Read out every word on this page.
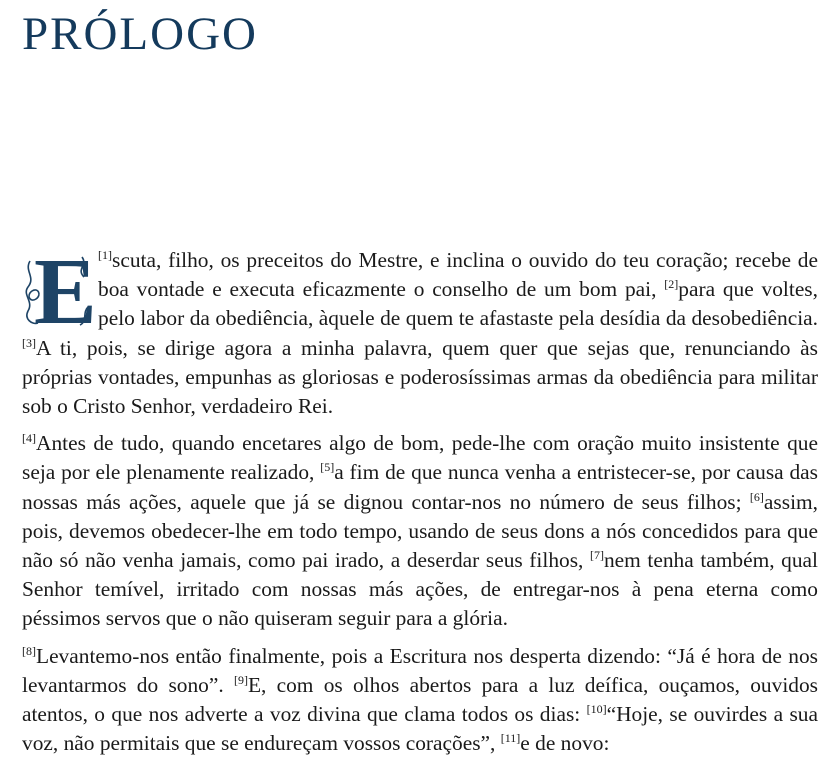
PRÓLOGO

[1]
E scuta, filho, os preceitos do Mestre, e inclina o ouvido do teu coração; recebe de boa vontade e executa eficazmente o conselho de um bom pai, [2]para que voltes, pelo labor da obediência, àquele de quem te afastaste pela desídia da desobediência. [3]A ti, pois, se dirige agora a minha palavra, quem quer que sejas que, renunciando às próprias vontades, empunhas as gloriosas e poderosíssimas armas da obediência para militar sob o Cristo Senhor, verdadeiro Rei.

[4]Antes de tudo, quando encetares algo de bom, pede-lhe com oração muito insistente que seja por ele plenamente realizado, [5]a fim de que nunca venha a entristecer-se, por causa das nossas más ações, aquele que já se dignou contar-nos no número de seus filhos; [6]assim, pois, devemos obedecer-lhe em todo tempo, usando de seus dons a nós concedidos para que não só não venha jamais, como pai irado, a deserdar seus filhos, [7]nem tenha também, qual Senhor temível, irritado com nossas más ações, de entregar-nos à pena eterna como péssimos servos que o não quiseram seguir para a glória.

[8]Levantemo-nos então finalmente, pois a Escritura nos desperta dizendo: “Já é hora de nos levantarmos do sono”. [9]E, com os olhos abertos para a luz deífica, ouçamos, ouvidos atentos, o que nos adverte a voz divina que clama todos os dias: [10]“Hoje, se ouvirdes a sua voz, não permitais que se endureçam vossos corações”, [11]e de novo:
